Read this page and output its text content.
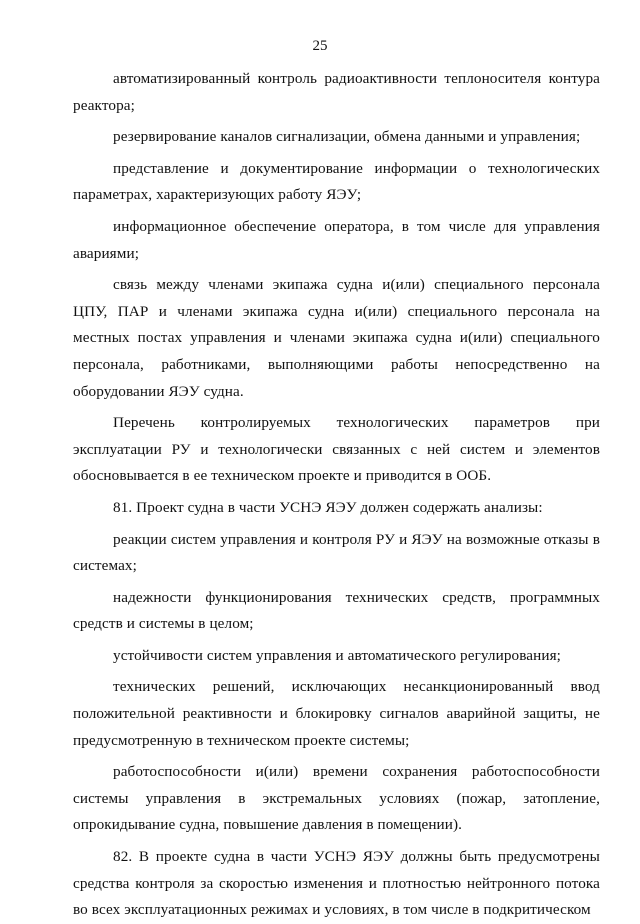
25

автоматизированный контроль радиоактивности теплоносителя контура реактора;

резервирование каналов сигнализации, обмена данными и управления;

представление и документирование информации о технологических параметрах, характеризующих работу ЯЭУ;

информационное обеспечение оператора, в том числе для управления авариями;

связь между членами экипажа судна и(или) специального персонала ЦПУ, ПАР и членами экипажа судна и(или) специального персонала на местных постах управления и членами экипажа судна и(или) специального персонала, работниками, выполняющими работы непосредственно на оборудовании ЯЭУ судна.

Перечень контролируемых технологических параметров при эксплуатации РУ и технологически связанных с ней систем и элементов обосновывается в ее техническом проекте и приводится в ООБ.

81. Проект судна в части УСНЭ ЯЭУ должен содержать анализы:

реакции систем управления и контроля РУ и ЯЭУ на возможные отказы в системах;

надежности функционирования технических средств, программных средств и системы в целом;

устойчивости систем управления и автоматического регулирования;

технических решений, исключающих несанкционированный ввод положительной реактивности и блокировку сигналов аварийной защиты, не предусмотренную в техническом проекте системы;

работоспособности и(или) времени сохранения работоспособности системы управления в экстремальных условиях (пожар, затопление, опрокидывание судна, повышение давления в помещении).

82. В проекте судна в части УСНЭ ЯЭУ должны быть предусмотрены средства контроля за скоростью изменения и плотностью нейтронного потока во всех эксплуатационных режимах и условиях, в том числе в подкритическом
